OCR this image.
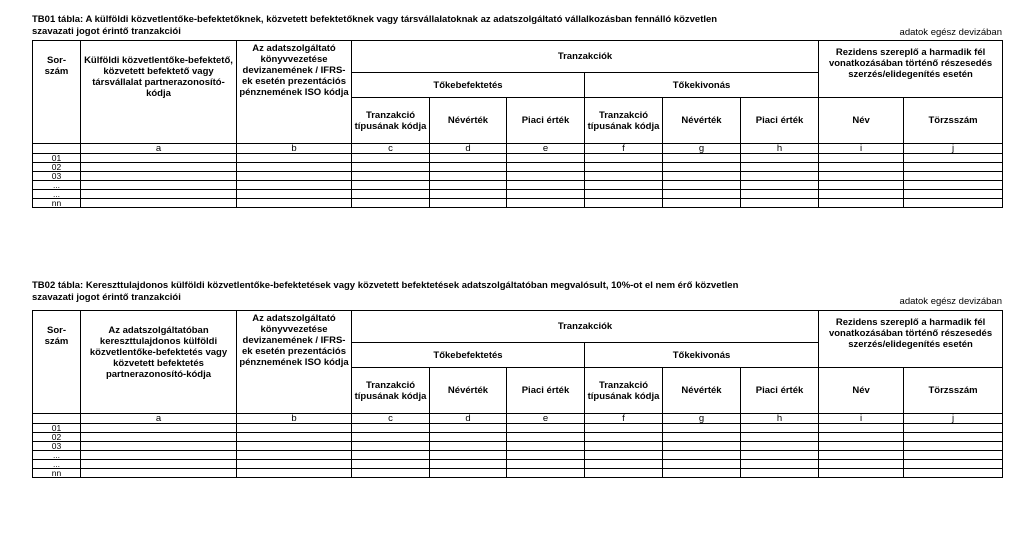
TB01 tábla: A külföldi közvetlentőke-befektetőknek, közvetett befektetőknek vagy társvállalatoknak az adatszolgáltató vállalkozásban fennálló közvetlen
szavazati jogot érintő tranzakciói	adatok egész devizában
Sor-
szám	Külföldi közvetlentőke-befektető, közvetett befektető vagy társvállalat partnerazonosító-kódja	Az adatszolgáltató könyvvezetése devizanemének / IFRS-ek esetén prezentációs pénznemének ISO kódja	Tranzakciók						Rezidens szereplő a harmadik fél vonatkozásában történő részesedés szerzés/elidegenítés esetén	
			Tőkebefektetés			Tőkekivonás				
			Tranzakció típusának kódja	Névérték	Piaci érték	Tranzakció típusának kódja	Névérték	Piaci érték	Név	Törzsszám
	a	b	c	d	e	f	g	h	i	j
01										
02										
03										
...										
...										
nn										
TB02 tábla: Kereszttulajdonos külföldi közvetlentőke-befektetések vagy közvetett befektetések adatszolgáltatóban megvalósult, 10%-ot el nem érő közvetlen
szavazati jogot érintő tranzakciói	adatok egész devizában
Sor-
szám	Az adatszolgáltatóban kereszttulajdonos külföldi közvetlentőke-befektetés vagy közvetett befektetés partnerazonosító-kódja	Az adatszolgáltató könyvvezetése devizanemének / IFRS-ek esetén prezentációs pénznemének ISO kódja	Tranzakciók						Rezidens szereplő a harmadik fél vonatkozásában történő részesedés szerzés/elidegenítés esetén	
			Tőkebefektetés			Tőkekivonás				
			Tranzakció típusának kódja	Névérték	Piaci érték	Tranzakció típusának kódja	Névérték	Piaci érték	Név	Törzsszám
	a	b	c	d	e	f	g	h	i	j
01										
02										
03										
...										
...										
nn										
